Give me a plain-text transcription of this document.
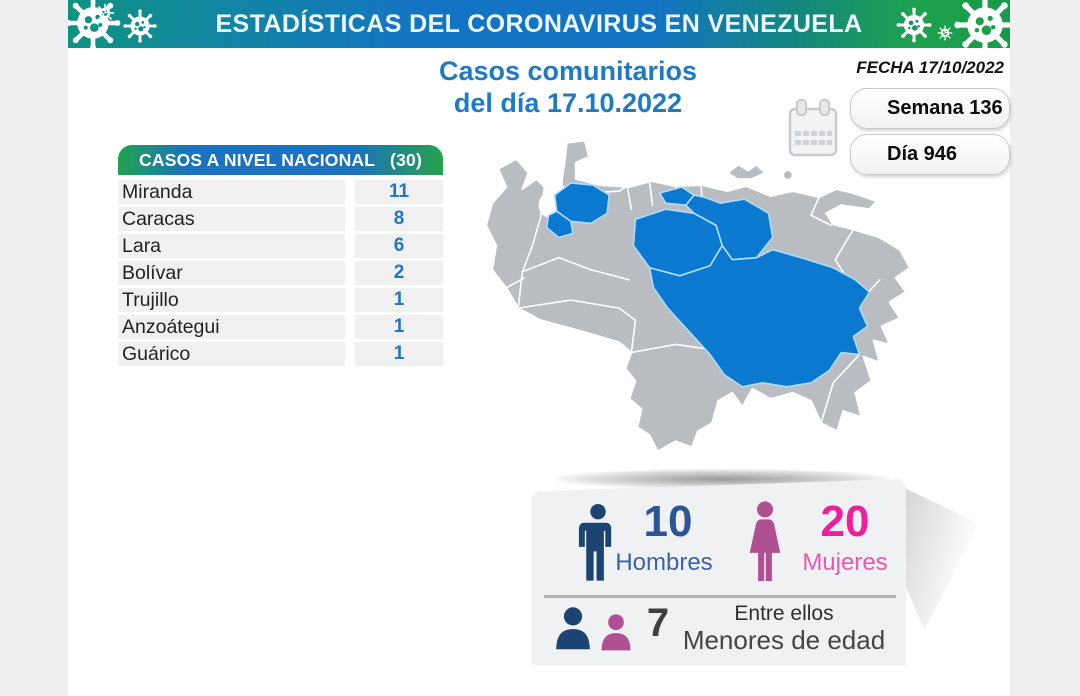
ESTADÍSTICAS DEL CORONAVIRUS EN VENEZUELA
Casos comunitarios
del día 17.10.2022
FECHA 17/10/2022
Semana 136
Día 946
CASOS A NIVEL NACIONAL (30)
Miranda	11
Caracas	8
Lara	6
Bolívar	2
Trujillo	1
Anzoátegui	1
Guárico	1
10
Hombres
20
Mujeres
7	Entre ellos
Menores de edad
